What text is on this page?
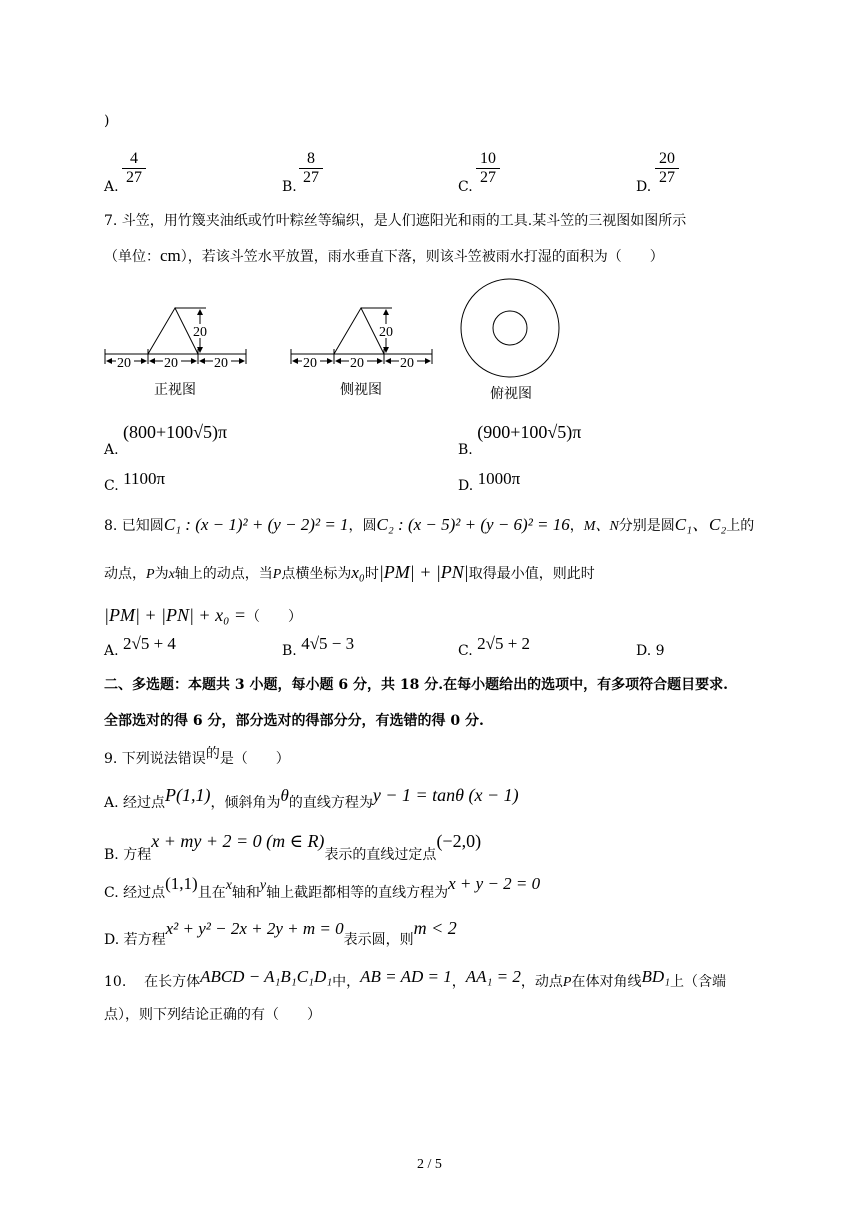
)
A. $\frac{4}{27}$	B. $\frac{8}{27}$	C. $\frac{10}{27}$	D. $\frac{20}{27}$
7. 斗笠，用竹篾夹油纸或竹叶粽丝等编织，是人们遮阳光和雨的工具.某斗笠的三视图如图所示
（单位：cm），若该斗笠水平放置，雨水垂直下落，则该斗笠被雨水打湿的面积为（　　）
20
20 20	20
正视图
20
20 20	20
侧视图	俯视图
A. (800+100√5)π
B. (900+100√5)π
C. 1100π	D. 1000π
8. 已知圆C₁ : (x − 1)² + (y − 2)² = 1，圆C₂ : (x − 5)² + (y − 6)² = 16，M、N分别是圆C₁、C₂上的
动点，P为x轴上的动点，当P点横坐标为x₀时|PM| + |PN|取得最小值，则此时
|PM| + |PN| + x₀ =（　　）
A. 2√5 + 4	B. 4√5 − 3	C. 2√5 + 2	D. 9
二、多选题：本题共 3 小题，每小题 6 分，共 18 分.在每小题给出的选项中，有多项符合题目要求.
全部选对的得 6 分，部分选对的得部分分，有选错的得 0 分.
9. 下列说法错误的是（　　）
A. 经过点P(1,1)，倾斜角为θ的直线方程为y − 1 = tanθ (x − 1)
B. 方程x + my + 2 = 0 (m ∈ R)表示的直线过定点(−2,0)
C. 经过点(1,1)且在x轴和y轴上截距都相等的直线方程为x + y − 2 = 0
D. 若方程x² + y² − 2x + 2y + m = 0表示圆，则m < 2
10. 在长方体ABCD − A₁B₁C₁D₁中，AB = AD = 1，AA₁ = 2，动点P在体对角线BD₁上（含端
点），则下列结论正确的有（　　）
2 / 5
